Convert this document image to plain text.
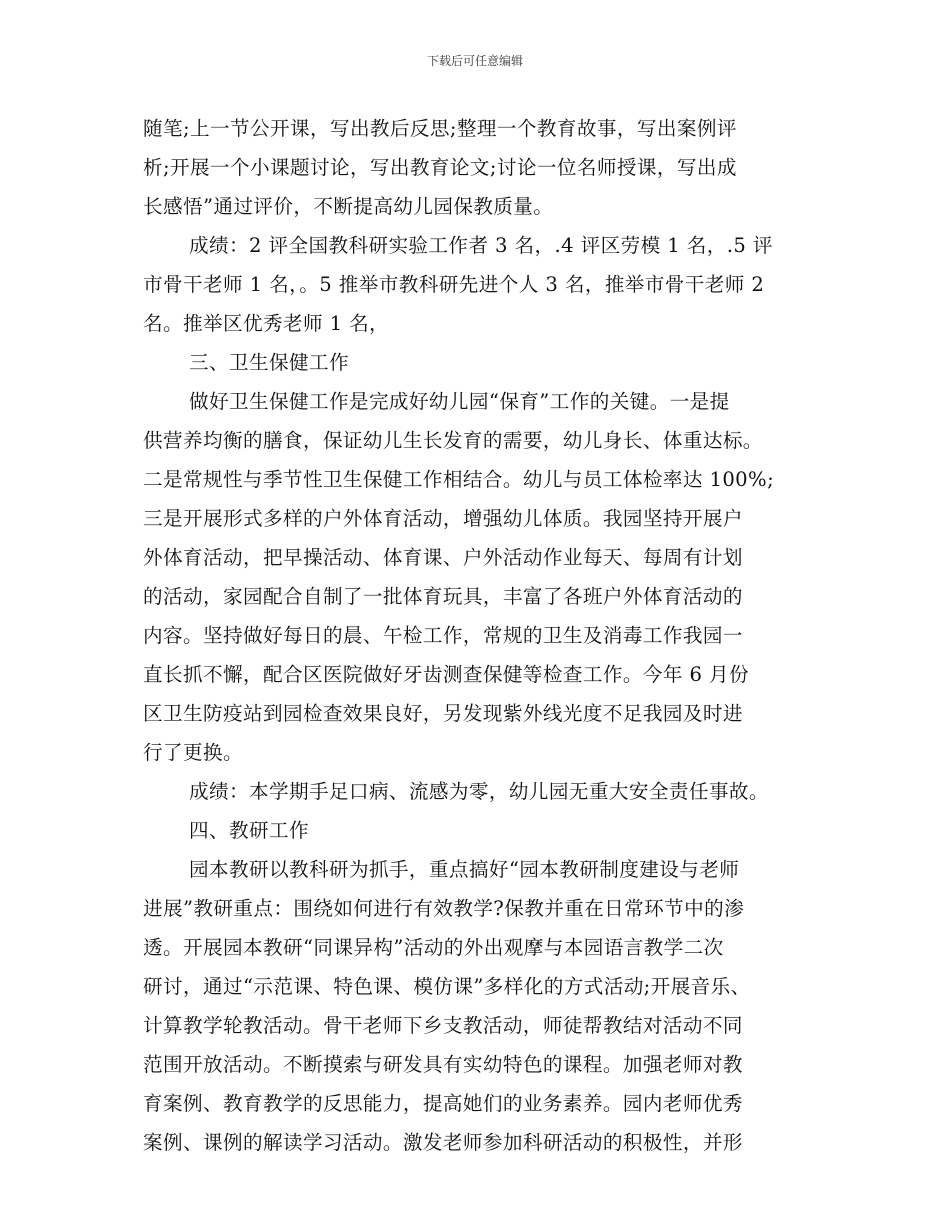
下载后可任意编辑
随笔;上一节公开课，写出教后反思;整理一个教育故事，写出案例评
析;开展一个小课题讨论，写出教育论文;讨论一位名师授课，写出成
长感悟”通过评价，不断提高幼儿园保教质量。
成绩：2 评全国教科研实验工作者 3 名，.4 评区劳模 1 名，.5 评
市骨干老师 1 名，。5 推举市教科研先进个人 3 名，推举市骨干老师 2
名。推举区优秀老师 1 名，
三、卫生保健工作
做好卫生保健工作是完成好幼儿园“保育”工作的关键。一是提
供营养均衡的膳食，保证幼儿生长发育的需要，幼儿身长、体重达标。
二是常规性与季节性卫生保健工作相结合。幼儿与员工体检率达 100%;
三是开展形式多样的户外体育活动，增强幼儿体质。我园坚持开展户
外体育活动，把早操活动、体育课、户外活动作业每天、每周有计划
的活动，家园配合自制了一批体育玩具，丰富了各班户外体育活动的
内容。坚持做好每日的晨、午检工作，常规的卫生及消毒工作我园一
直长抓不懈，配合区医院做好牙齿测查保健等检查工作。今年 6 月份
区卫生防疫站到园检查效果良好，另发现紫外线光度不足我园及时进
行了更换。
成绩：本学期手足口病、流感为零，幼儿园无重大安全责任事故。
四、教研工作
园本教研以教科研为抓手，重点搞好“园本教研制度建设与老师
进展”教研重点：围绕如何进行有效教学?保教并重在日常环节中的渗
透。开展园本教研“同课异构”活动的外出观摩与本园语言教学二次
研讨，通过“示范课、特色课、模仿课”多样化的方式活动;开展音乐、
计算教学轮教活动。骨干老师下乡支教活动，师徒帮教结对活动不同
范围开放活动。不断摸索与研发具有实幼特色的课程。加强老师对教
育案例、教育教学的反思能力，提高她们的业务素养。园内老师优秀
案例、课例的解读学习活动。激发老师参加科研活动的积极性，并形
